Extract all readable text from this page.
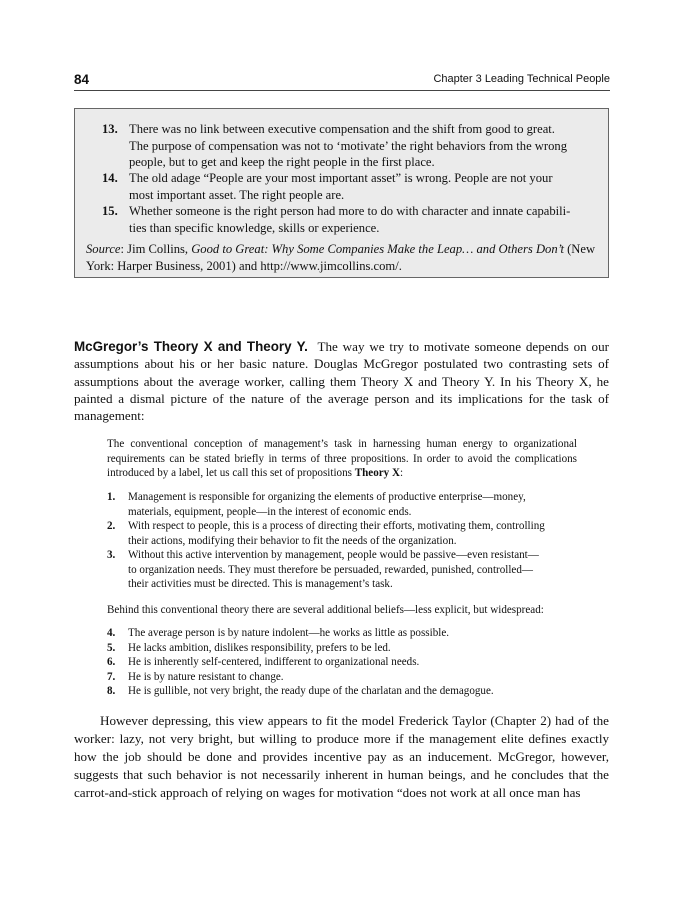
84	Chapter 3 Leading Technical People
13. There was no link between executive compensation and the shift from good to great.
The purpose of compensation was not to ‘motivate’ the right behaviors from the wrong
people, but to get and keep the right people in the first place.
14. The old adage “People are your most important asset” is wrong. People are not your
most important asset. The right people are.
15. Whether someone is the right person had more to do with character and innate capabili-
ties than specific knowledge, skills or experience.
Source: Jim Collins, Good to Great: Why Some Companies Make the Leap… and Others Don’t (New York: Harper Business, 2001) and http://www.jimcollins.com/.
McGregor’s Theory X and Theory Y. The way we try to motivate someone depends on our assumptions about his or her basic nature. Douglas McGregor postulated two contrasting sets of assumptions about the average worker, calling them Theory X and Theory Y. In his Theory X, he painted a dismal picture of the nature of the average person and its implications for the task of management:
The conventional conception of management’s task in harnessing human energy to organizational requirements can be stated briefly in terms of three propositions. In order to avoid the complications introduced by a label, let us call this set of propositions Theory X:
1. Management is responsible for organizing the elements of productive enterprise—money,
materials, equipment, people—in the interest of economic ends.
2. With respect to people, this is a process of directing their efforts, motivating them, controlling
their actions, modifying their behavior to fit the needs of the organization.
3. Without this active intervention by management, people would be passive—even resistant—
to organization needs. They must therefore be persuaded, rewarded, punished, controlled—
their activities must be directed. This is management’s task.
Behind this conventional theory there are several additional beliefs—less explicit, but widespread:
4. The average person is by nature indolent—he works as little as possible.
5. He lacks ambition, dislikes responsibility, prefers to be led.
6. He is inherently self-centered, indifferent to organizational needs.
7. He is by nature resistant to change.
8. He is gullible, not very bright, the ready dupe of the charlatan and the demagogue.
However depressing, this view appears to fit the model Frederick Taylor (Chapter 2) had of the worker: lazy, not very bright, but willing to produce more if the management elite defines exactly how the job should be done and provides incentive pay as an inducement. McGregor, however, suggests that such behavior is not necessarily inherent in human beings, and he concludes that the carrot-and-stick approach of relying on wages for motivation “does not work at all once man has
